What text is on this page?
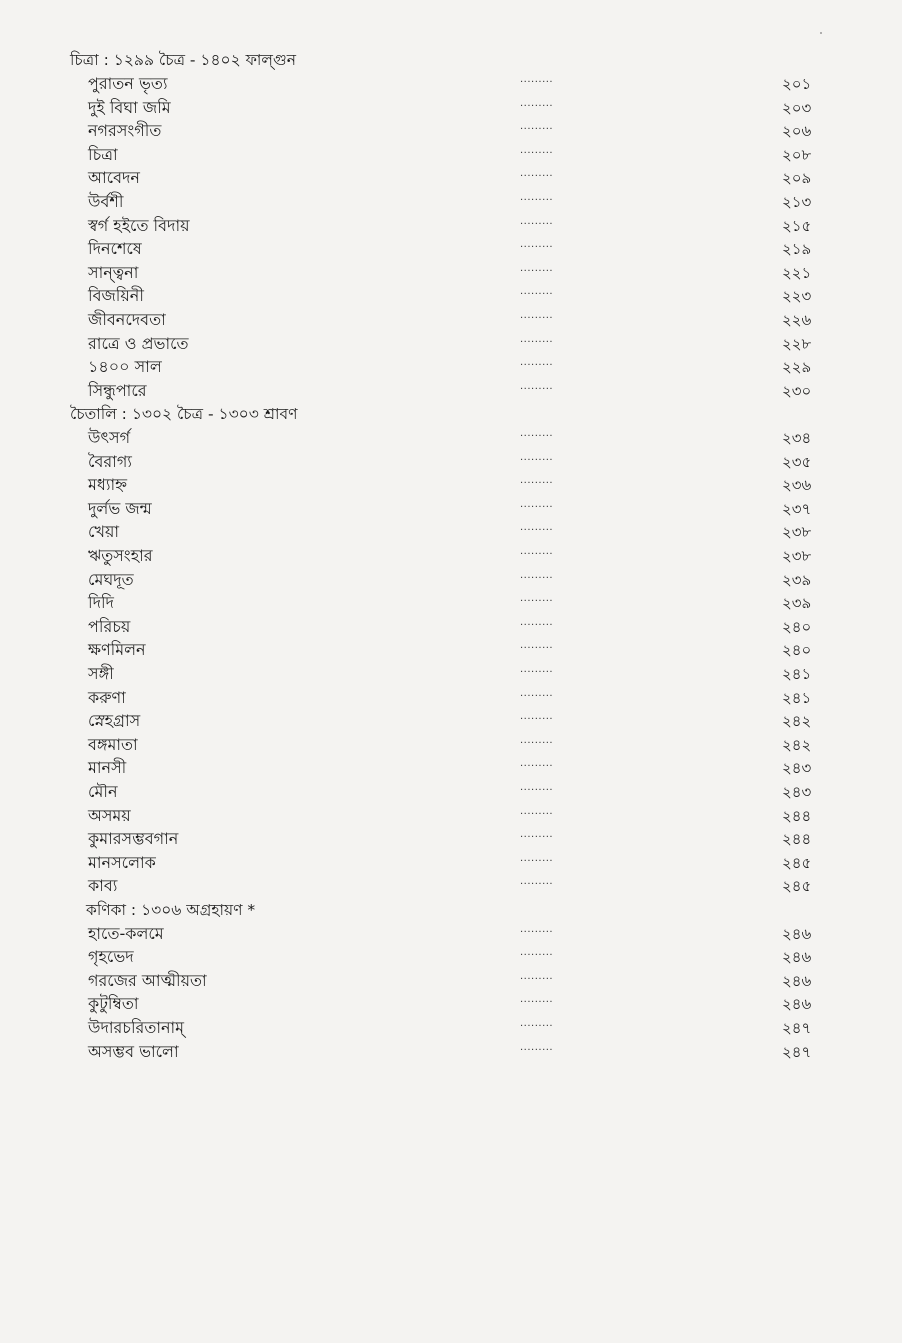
চিত্রা : ১২৯৯ চৈত্র - ১৪০২ ফাল্গুন
পুরাতন ভৃত্য	.........	২০১
দুই বিঘা জমি	.........	২০৩
নগরসংগীত	.........	২০৬
চিত্রা	.........	২০৮
আবেদন	.........	২০৯
উর্বশী	.........	২১৩
স্বর্গ হইতে বিদায়	.........	২১৫
দিনশেষে	.........	২১৯
সান্ত্বনা	.........	২২১
বিজয়িনী	.........	২২৩
জীবনদেবতা	.........	২২৬
রাত্রে ও প্রভাতে	.........	২২৮
১৪০০ সাল	.........	২২৯
সিন্ধুপারে	.........	২৩০
চৈতালি : ১৩০২ চৈত্র - ১৩০৩ শ্রাবণ
উৎসর্গ	.........	২৩৪
বৈরাগ্য	.........	২৩৫
মধ্যাহ্ন	.........	২৩৬
দুর্লভ জন্ম	.........	২৩৭
খেয়া	.........	২৩৮
ঋতুসংহার	.........	২৩৮
মেঘদূত	.........	২৩৯
দিদি	.........	২৩৯
পরিচয়	.........	২৪০
ক্ষণমিলন	.........	২৪০
সঙ্গী	.........	২৪১
করুণা	.........	২৪১
স্নেহগ্রাস	.........	২৪২
বঙ্গমাতা	.........	২৪২
মানসী	.........	২৪৩
মৌন	.........	২৪৩
অসময়	.........	২৪৪
কুমারসম্ভবগান	.........	২৪৪
মানসলোক	.........	২৪৫
কাব্য	.........	২৪৫
কণিকা : ১৩০৬ অগ্রহায়ণ *
হাতে-কলমে	.........	২৪৬
গৃহভেদ	.........	২৪৬
গরজের আত্মীয়তা	.........	২৪৬
কুটুম্বিতা	.........	২৪৬
উদারচরিতানাম্	.........	২৪৭
অসম্ভব ভালো	.........	২৪৭
